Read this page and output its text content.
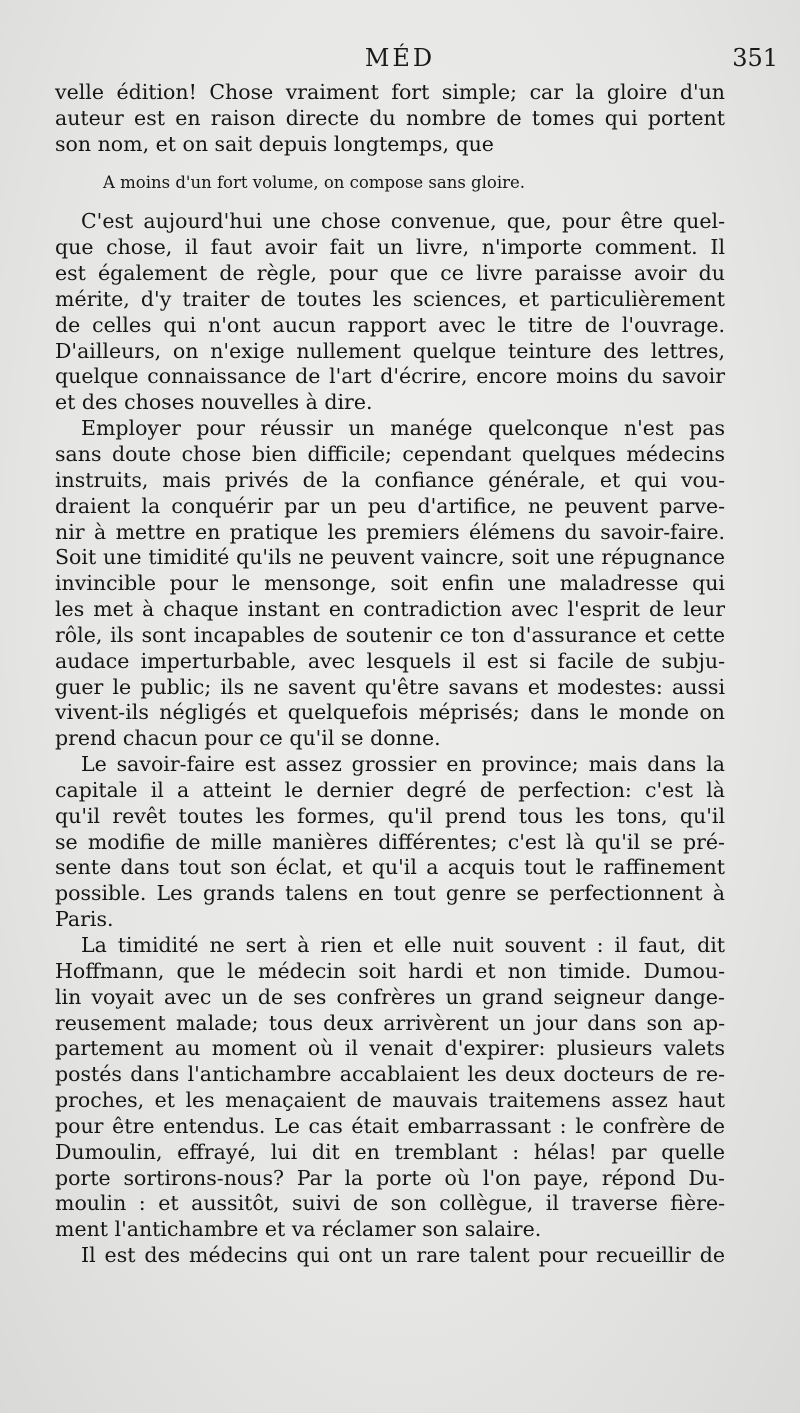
MÉD	351
velle édition! Chose vraiment fort simple; car la gloire d'un
auteur est en raison directe du nombre de tomes qui portent
son nom, et on sait depuis longtemps, que
A moins d'un fort volume, on compose sans gloire.
C'est aujourd'hui une chose convenue, que, pour être quel-
que chose, il faut avoir fait un livre, n'importe comment. Il
est également de règle, pour que ce livre paraisse avoir du
mérite, d'y traiter de toutes les sciences, et particulièrement
de celles qui n'ont aucun rapport avec le titre de l'ouvrage.
D'ailleurs, on n'exige nullement quelque teinture des lettres,
quelque connaissance de l'art d'écrire, encore moins du savoir
et des choses nouvelles à dire.
Employer pour réussir un manége quelconque n'est pas
sans doute chose bien difficile; cependant quelques médecins
instruits, mais privés de la confiance générale, et qui vou-
draient la conquérir par un peu d'artifice, ne peuvent parve-
nir à mettre en pratique les premiers élémens du savoir-faire.
Soit une timidité qu'ils ne peuvent vaincre, soit une répugnance
invincible pour le mensonge, soit enfin une maladresse qui
les met à chaque instant en contradiction avec l'esprit de leur
rôle, ils sont incapables de soutenir ce ton d'assurance et cette
audace imperturbable, avec lesquels il est si facile de subju-
guer le public; ils ne savent qu'être savans et modestes: aussi
vivent-ils négligés et quelquefois méprisés; dans le monde on
prend chacun pour ce qu'il se donne.
Le savoir-faire est assez grossier en province; mais dans la
capitale il a atteint le dernier degré de perfection: c'est là
qu'il revêt toutes les formes, qu'il prend tous les tons, qu'il
se modifie de mille manières différentes; c'est là qu'il se pré-
sente dans tout son éclat, et qu'il a acquis tout le raffinement
possible. Les grands talens en tout genre se perfectionnent à
Paris.
La timidité ne sert à rien et elle nuit souvent : il faut, dit
Hoffmann, que le médecin soit hardi et non timide. Dumou-
lin voyait avec un de ses confrères un grand seigneur dange-
reusement malade; tous deux arrivèrent un jour dans son ap-
partement au moment où il venait d'expirer: plusieurs valets
postés dans l'antichambre accablaient les deux docteurs de re-
proches, et les menaçaient de mauvais traitemens assez haut
pour être entendus. Le cas était embarrassant : le confrère de
Dumoulin, effrayé, lui dit en tremblant : hélas! par quelle
porte sortirons-nous? Par la porte où l'on paye, répond Du-
moulin : et aussitôt, suivi de son collègue, il traverse fière-
ment l'antichambre et va réclamer son salaire.
Il est des médecins qui ont un rare talent pour recueillir de
